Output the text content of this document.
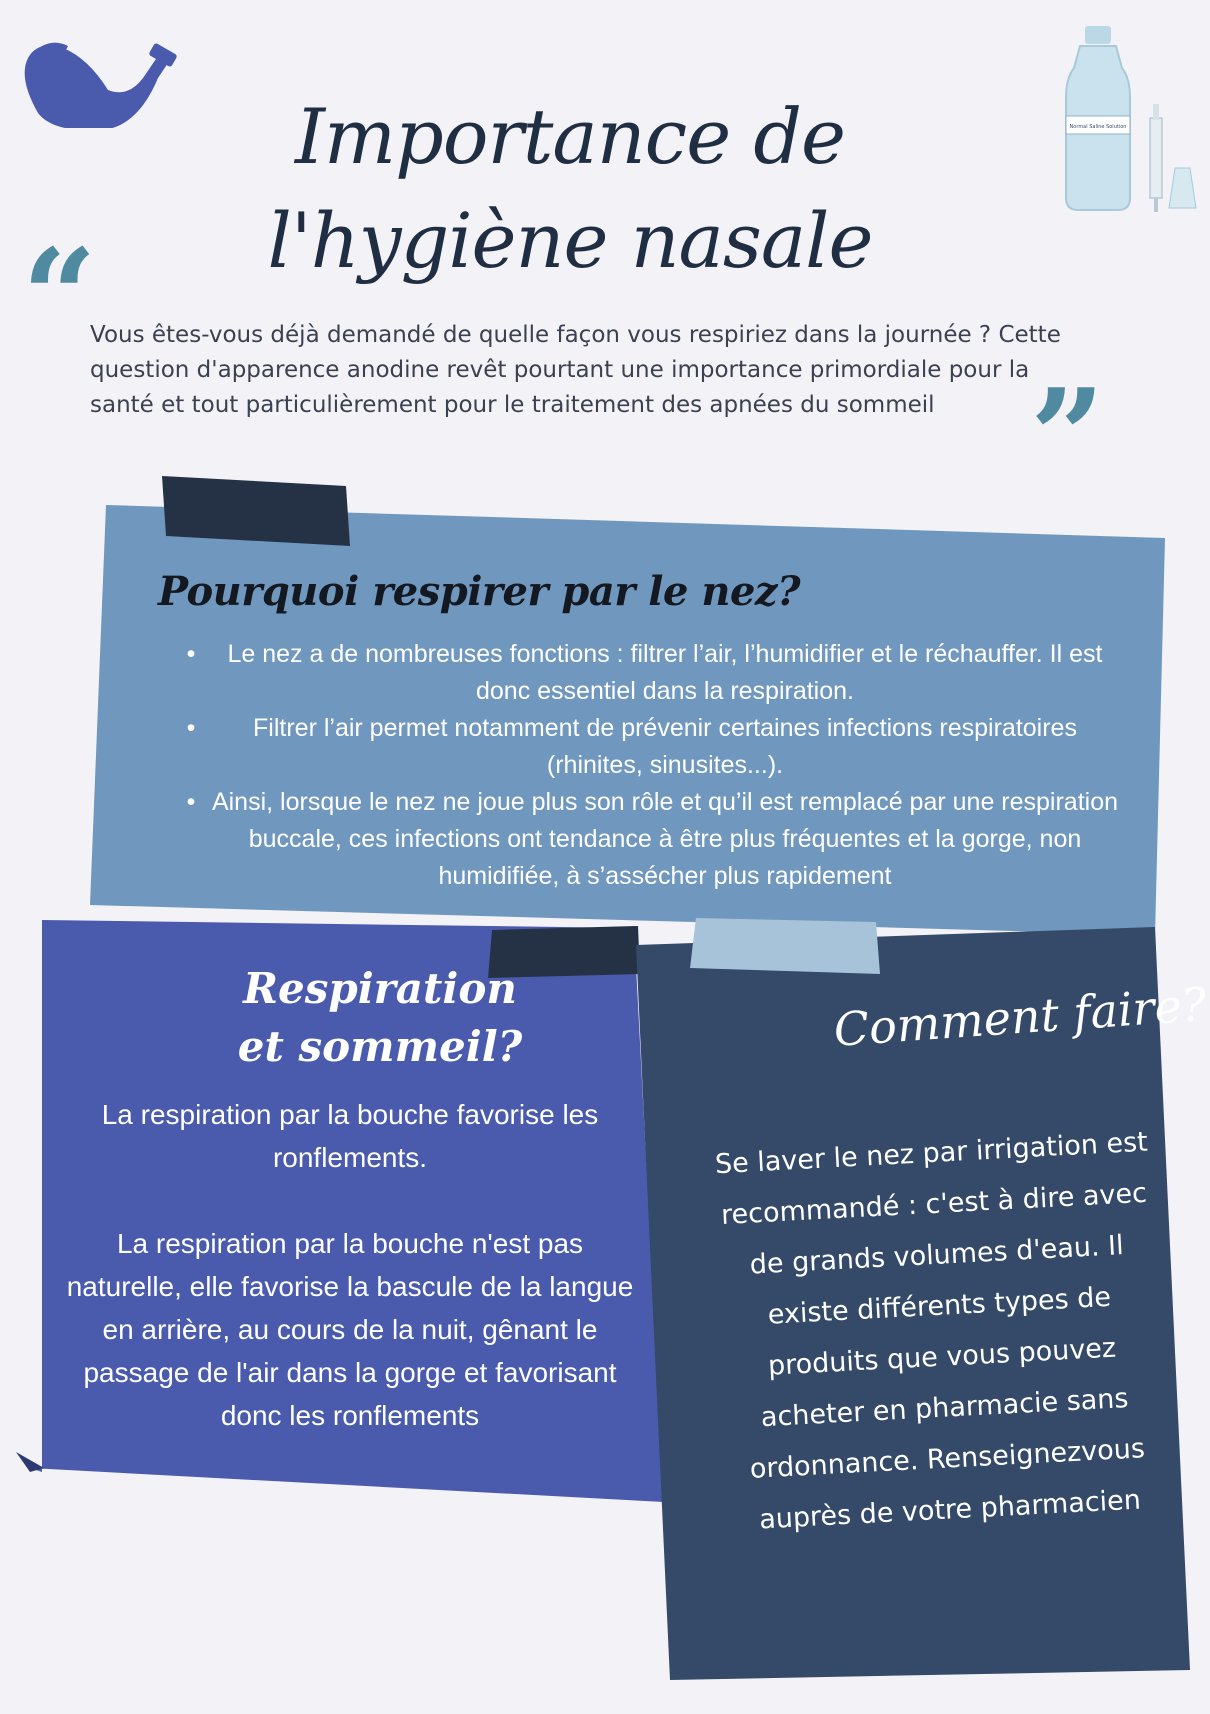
Normal Saline Solution
Importance de l'hygiène nasale
“
Vous êtes-vous déjà demandé de quelle façon vous respiriez dans la journée ? Cette question d'apparence anodine revêt pourtant une importance primordiale pour la santé et tout particulièrement pour le traitement des apnées du sommeil ”
Pourquoi respirer par le nez?
• Le nez a de nombreuses fonctions : filtrer l’air, l’humidifier et le réchauffer. Il est donc essentiel dans la respiration.
• Filtrer l’air permet notamment de prévenir certaines infections respiratoires (rhinites, sinusites...).
• Ainsi, lorsque le nez ne joue plus son rôle et qu’il est remplacé par une respiration buccale, ces infections ont tendance à être plus fréquentes et la gorge, non humidifiée, à s’assécher plus rapidement
Respiration
et sommeil?
La respiration par la bouche favorise les ronflements.
La respiration par la bouche n'est pas naturelle, elle favorise la bascule de la langue en arrière, au cours de la nuit, gênant le passage de l'air dans la gorge et favorisant donc les ronflements
Comment faire?
Se laver le nez par irrigation est recommandé : c'est à dire avec de grands volumes d'eau. Il existe différents types de produits que vous pouvez acheter en pharmacie sans ordonnance. Renseignezvous auprès de votre pharmacien
